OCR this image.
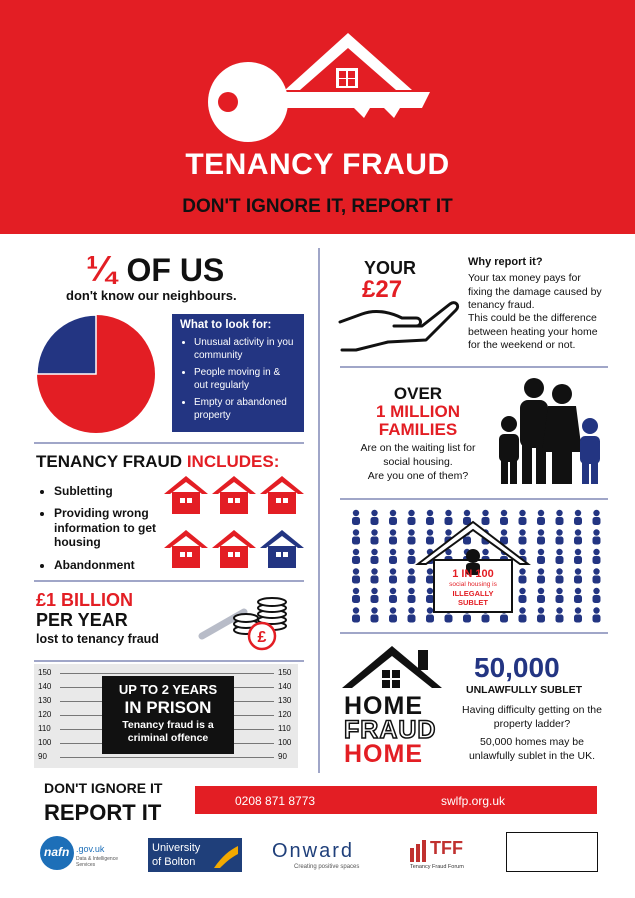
TENANCY FRAUD
DON'T IGNORE IT, REPORT IT
¼ OF US
don't know our neighbours.
What to look for:
• Unusual activity in you community
• People moving in & out regularly
• Empty or abandoned property
TENANCY FRAUD INCLUDES:
• Subletting
• Providing wrong information to get housing
• Abandonment
£1 BILLION
PER YEAR
lost to tenancy fraud	£
150	150
140	140
130	130
120	120
110	110
100	100
90	90
UP TO 2 YEARS
IN PRISON
Tenancy fraud is a criminal offence
YOUR
£27
Why report it?
Your tax money pays for fixing the damage caused by tenancy fraud.
This could be the difference between heating your home for the weekend or not.
OVER
1 MILLION
FAMILIES
Are on the waiting list for social housing.
Are you one of them?
1 IN 100
social housing is
ILLEGALLY
SUBLET
HOME
FRAUD
HOME
50,000
UNLAWFULLY SUBLET
Having difficulty getting on the property ladder?
50,000 homes may be unlawfully sublet in the UK.
DON'T IGNORE IT
REPORT IT	0208 871 8773	swlfp.org.uk
nafn .gov.uk
Data & Intelligence Services
University
of Bolton	Onward
Creating positive spaces
TFF
Tenancy Fraud Forum
